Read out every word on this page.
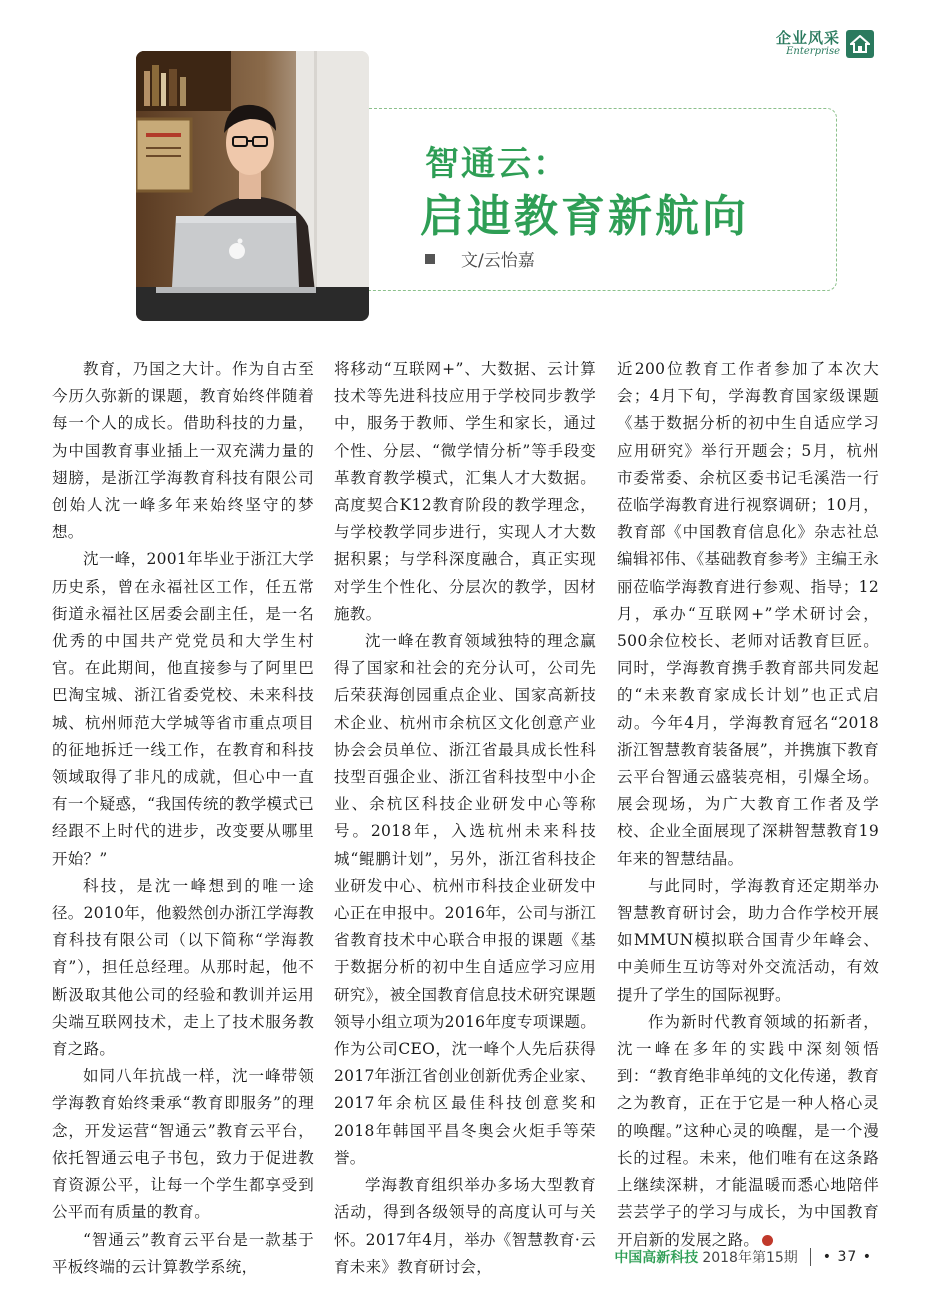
企业风采
Enterprise
智通云：
启迪教育新航向
文/云怡嘉

教育，乃国之大计。作为自古至今历久弥新的课题，教育始终伴随着每一个人的成长。借助科技的力量，为中国教育事业插上一双充满力量的翅膀，是浙江学海教育科技有限公司创始人沈一峰多年来始终坚守的梦想。

沈一峰，2001年毕业于浙江大学历史系，曾在永福社区工作，任五常街道永福社区居委会副主任，是一名优秀的中国共产党党员和大学生村官。在此期间，他直接参与了阿里巴巴淘宝城、浙江省委党校、未来科技城、杭州师范大学城等省市重点项目的征地拆迁一线工作，在教育和科技领域取得了非凡的成就，但心中一直有一个疑惑，“我国传统的教学模式已经跟不上时代的进步，改变要从哪里开始？”

科技，是沈一峰想到的唯一途径。2010年，他毅然创办浙江学海教育科技有限公司（以下简称“学海教育”），担任总经理。从那时起，他不断汲取其他公司的经验和教训并运用尖端互联网技术，走上了技术服务教育之路。

如同八年抗战一样，沈一峰带领学海教育始终秉承“教育即服务”的理念，开发运营“智通云”教育云平台，依托智通云电子书包，致力于促进教育资源公平，让每一个学生都享受到公平而有质量的教育。

“智通云”教育云平台是一款基于平板终端的云计算教学系统，

将移动“互联网+”、大数据、云计算技术等先进科技应用于学校同步教学中，服务于教师、学生和家长，通过个性、分层、“微学情分析”等手段变革教育教学模式，汇集人才大数据。高度契合K12教育阶段的教学理念，与学校教学同步进行，实现人才大数据积累；与学科深度融合，真正实现对学生个性化、分层次的教学，因材施教。

沈一峰在教育领域独特的理念赢得了国家和社会的充分认可，公司先后荣获海创园重点企业、国家高新技术企业、杭州市余杭区文化创意产业协会会员单位、浙江省最具成长性科技型百强企业、浙江省科技型中小企业、余杭区科技企业研发中心等称号。2018年，入选杭州未来科技城“鲲鹏计划”，另外，浙江省科技企业研发中心、杭州市科技企业研发中心正在申报中。2016年，公司与浙江省教育技术中心联合申报的课题《基于数据分析的初中生自适应学习应用研究》，被全国教育信息技术研究课题领导小组立项为2016年度专项课题。作为公司CEO，沈一峰个人先后获得2017年浙江省创业创新优秀企业家、2017年余杭区最佳科技创意奖和2018年韩国平昌冬奥会火炬手等荣誉。

学海教育组织举办多场大型教育活动，得到各级领导的高度认可与关怀。2017年4月，举办《智慧教育·云育未来》教育研讨会，

近200位教育工作者参加了本次大会；4月下旬，学海教育国家级课题《基于数据分析的初中生自适应学习应用研究》举行开题会；5月，杭州市委常委、余杭区委书记毛溪浩一行莅临学海教育进行视察调研；10月，教育部《中国教育信息化》杂志社总编辑祁伟、《基础教育参考》主编王永丽莅临学海教育进行参观、指导；12月，承办“互联网+”学术研讨会，500余位校长、老师对话教育巨匠。同时，学海教育携手教育部共同发起的“未来教育家成长计划”也正式启动。今年4月，学海教育冠名“2018浙江智慧教育装备展”，并携旗下教育云平台智通云盛装亮相，引爆全场。展会现场，为广大教育工作者及学校、企业全面展现了深耕智慧教育19年来的智慧结晶。

与此同时，学海教育还定期举办智慧教育研讨会，助力合作学校开展如MMUN模拟联合国青少年峰会、中美师生互访等对外交流活动，有效提升了学生的国际视野。

作为新时代教育领域的拓新者，沈一峰在多年的实践中深刻领悟到：“教育绝非单纯的文化传递，教育之为教育，正在于它是一种人格心灵的唤醒。”这种心灵的唤醒，是一个漫长的过程。未来，他们唯有在这条路上继续深耕，才能温暖而悉心地陪伴芸芸学子的学习与成长，为中国教育开启新的发展之路。

中国高新科技 2018年第15期 • 37 •
